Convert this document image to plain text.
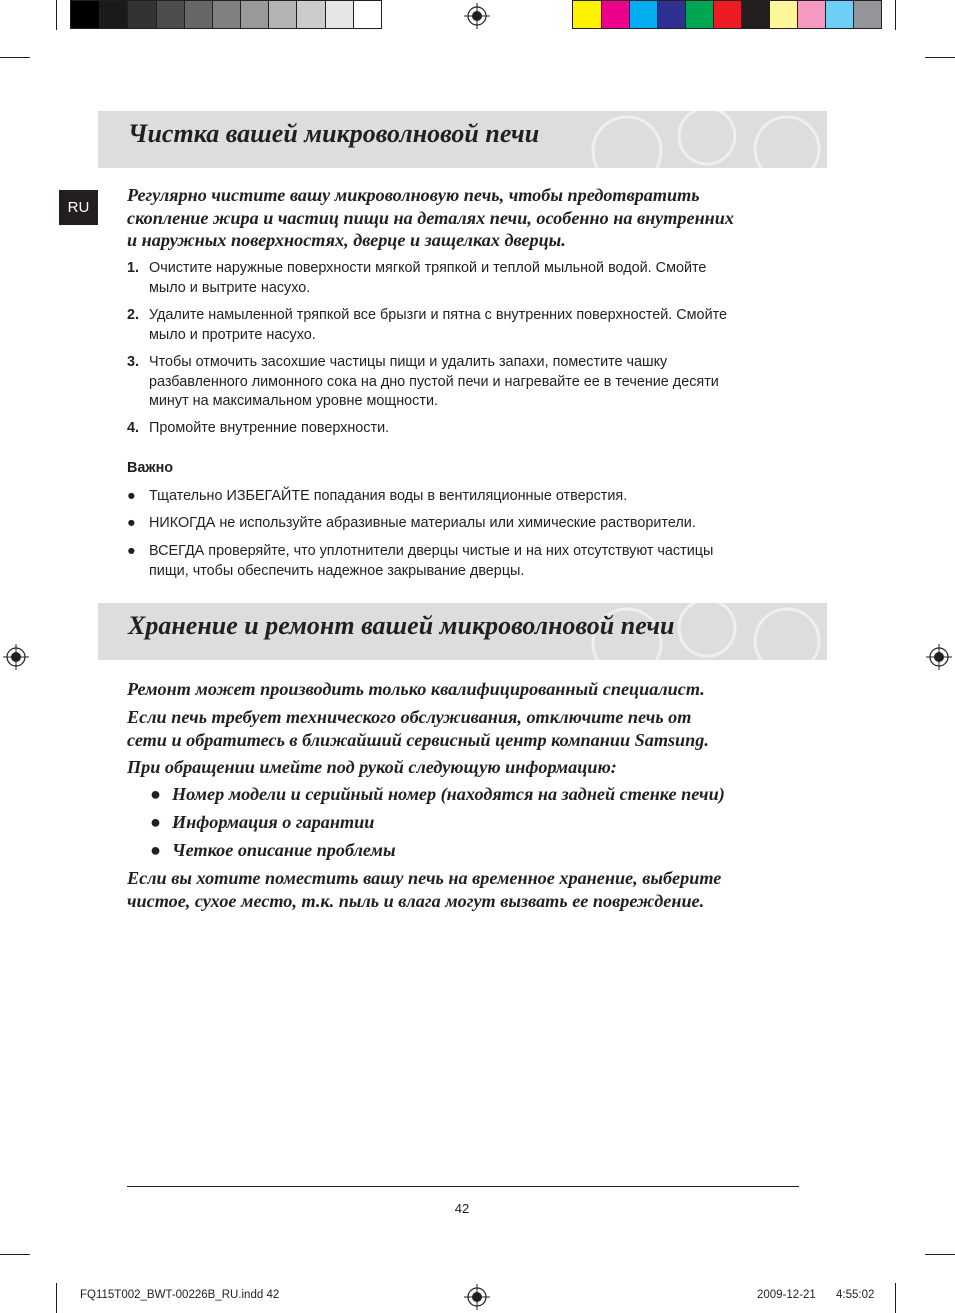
Чистка вашей микроволновой печи
RU
Регулярно чистите вашу микроволновую печь, чтобы предотвратить
скопление жира и частиц пищи на деталях печи, особенно на внутренних
и наружных поверхностях, дверце и защелках дверцы.
1. Очистите наружные поверхности мягкой тряпкой и теплой мыльной водой. Смойте
мыло и вытрите насухо.
2. Удалите намыленной тряпкой все брызги и пятна с внутренних поверхностей. Смойте
мыло и протрите насухо.
3. Чтобы отмочить засохшие частицы пищи и удалить запахи, поместите чашку
разбавленного лимонного сока на дно пустой печи и нагревайте ее в течение десяти
минут на максимальном уровне мощности.
4. Промойте внутренние поверхности.
Важно
● Тщательно ИЗБЕГАЙТЕ попадания воды в вентиляционные отверстия.
● НИКОГДА не используйте абразивные материалы или химические растворители.
● ВСЕГДА проверяйте, что уплотнители дверцы чистые и на них отсутствуют частицы
пищи, чтобы обеспечить надежное закрывание дверцы.
Хранение и ремонт вашей микроволновой печи
Ремонт может производить только квалифицированный специалист.
Если печь требует технического обслуживания, отключите печь от
сети и обратитесь в ближайший сервисный центр компании Samsung.
При обращении имейте под рукой следующую информацию:
● Номер модели и серийный номер (находятся на задней стенке печи)
● Информация о гарантии
● Четкое описание проблемы
Если вы хотите поместить вашу печь на временное хранение, выберите
чистое, сухое место, т.к. пыль и влага могут вызвать ее повреждение.
42
FQ115T002_BWT-00226B_RU.indd 42	2009-12-21 4:55:02
